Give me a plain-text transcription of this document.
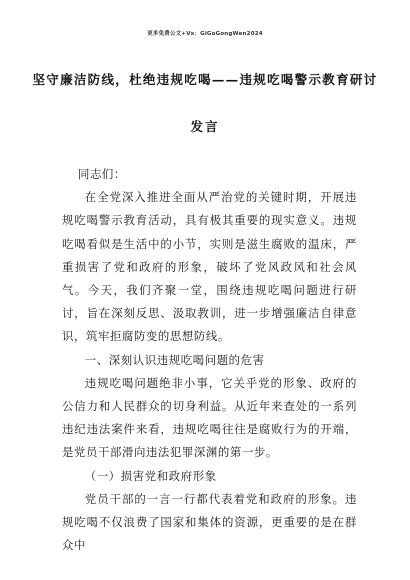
更多免费公文+Vx：GiGoGongWen2024
坚守廉洁防线，杜绝违规吃喝——违规吃喝警示教育研讨
发言

同志们：

在全党深入推进全面从严治党的关键时期，开展违规吃喝警示教育活动，具有极其重要的现实意义。违规吃喝看似是生活中的小节，实则是滋生腐败的温床，严重损害了党和政府的形象，破坏了党风政风和社会风气。今天，我们齐聚一堂，围绕违规吃喝问题进行研讨，旨在深刻反思、汲取教训，进一步增强廉洁自律意识，筑牢拒腐防变的思想防线。

一、深刻认识违规吃喝问题的危害

违规吃喝问题绝非小事，它关乎党的形象、政府的公信力和人民群众的切身利益。从近年来查处的一系列违纪违法案件来看，违规吃喝往往是腐败行为的开端，是党员干部滑向违法犯罪深渊的第一步。

（一）损害党和政府形象

党员干部的一言一行都代表着党和政府的形象。违规吃喝不仅浪费了国家和集体的资源，更重要的是在群众中
